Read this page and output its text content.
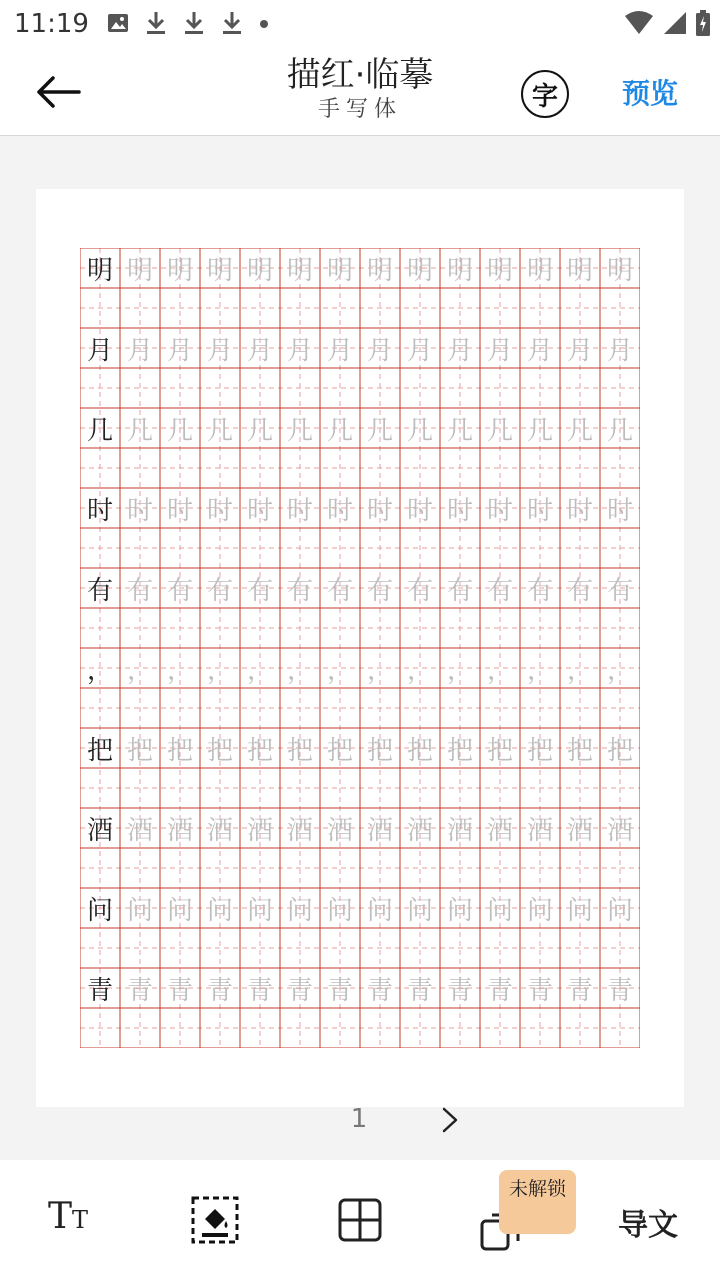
11:19
描红·临摹
手写体	字	预览
明 明 明 明 明 明 明 明 明 明 明 明 明 明
月 月 月 月 月 月 月 月 月 月 月 月 月 月
几 几 几 几 几 几 几 几 几 几 几 几 几 几
时 时 时 时 时 时 时 时 时 时 时 时 时 时
有 有 有 有 有 有 有 有 有 有 有 有 有 有
， ， ， ， ， ， ， ， ， ， ， ， ， ，
把 把 把 把 把 把 把 把 把 把 把 把 把 把
酒 酒 酒 酒 酒 酒 酒 酒 酒 酒 酒 酒 酒 酒
问 问 问 问 问 问 问 问 问 问 问 问 问 问
青 青 青 青 青 青 青 青 青 青 青 青 青 青
1
TT
未解锁
导文
